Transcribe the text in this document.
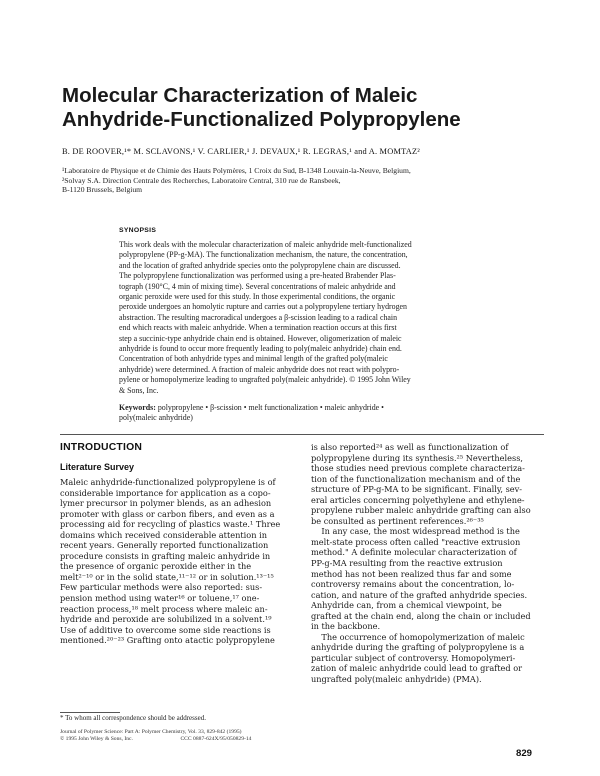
Molecular Characterization of Maleic
Anhydride-Functionalized Polypropylene
B. DE ROOVER,¹* M. SCLAVONS,¹ V. CARLIER,¹ J. DEVAUX,¹ R. LEGRAS,¹ and A. MOMTAZ²
¹Laboratoire de Physique et de Chimie des Hauts Polymères, 1 Croix du Sud, B-1348 Louvain-la-Neuve, Belgium,
²Solvay S.A. Direction Centrale des Recherches, Laboratoire Central, 310 rue de Ransbeek,
B-1120 Brussels, Belgium
SYNOPSIS
This work deals with the molecular characterization of maleic anhydride melt-functionalized
polypropylene (PP-g-MA). The functionalization mechanism, the nature, the concentration,
and the location of grafted anhydride species onto the polypropylene chain are discussed.
The polypropylene functionalization was performed using a pre-heated Brabender Plas-
tograph (190°C, 4 min of mixing time). Several concentrations of maleic anhydride and
organic peroxide were used for this study. In those experimental conditions, the organic
peroxide undergoes an homolytic rupture and carries out a polypropylene tertiary hydrogen
abstraction. The resulting macroradical undergoes a β-scission leading to a radical chain
end which reacts with maleic anhydride. When a termination reaction occurs at this first
step a succinic-type anhydride chain end is obtained. However, oligomerization of maleic
anhydride is found to occur more frequently leading to poly(maleic anhydride) chain end.
Concentration of both anhydride types and minimal length of the grafted poly(maleic
anhydride) were determined. A fraction of maleic anhydride does not react with polypro-
pylene or homopolymerize leading to ungrafted poly(maleic anhydride). © 1995 John Wiley
& Sons, Inc.
Keywords: polypropylene • β-scission • melt functionalization • maleic anhydride •
poly(maleic anhydride)
INTRODUCTION
Literature Survey
Maleic anhydride-functionalized polypropylene is of
considerable importance for application as a copo-
lymer precursor in polymer blends, as an adhesion
promoter with glass or carbon fibers, and even as a
processing aid for recycling of plastics waste.¹ Three
domains which received considerable attention in
recent years. Generally reported functionalization
procedure consists in grafting maleic anhydride in
the presence of organic peroxide either in the
melt²⁻¹⁰ or in the solid state,¹¹⁻¹² or in solution.¹³⁻¹⁵
Few particular methods were also reported: sus-
pension method using water¹⁶ or toluene,¹⁷ one-
reaction process,¹⁸ melt process where maleic an-
hydride and peroxide are solubilized in a solvent.¹⁹
Use of additive to overcome some side reactions is
mentioned.²⁰⁻²³ Grafting onto atactic polypropylene
is also reported²⁴ as well as functionalization of
polypropylene during its synthesis.²⁵ Nevertheless,
those studies need previous complete characteriza-
tion of the functionalization mechanism and of the
structure of PP-g-MA to be significant. Finally, sev-
eral articles concerning polyethylene and ethylene-
propylene rubber maleic anhydride grafting can also
be consulted as pertinent references.²⁶⁻³⁵
In any case, the most widespread method is the
melt-state process often called "reactive extrusion
method." A definite molecular characterization of
PP-g-MA resulting from the reactive extrusion
method has not been realized thus far and some
controversy remains about the concentration, lo-
cation, and nature of the grafted anhydride species.
Anhydride can, from a chemical viewpoint, be
grafted at the chain end, along the chain or included
in the backbone.
The occurrence of homopolymerization of maleic
anhydride during the grafting of polypropylene is a
particular subject of controversy. Homopolymeri-
zation of maleic anhydride could lead to grafted or
ungrafted poly(maleic anhydride) (PMA).
* To whom all correspondence should be addressed.
Journal of Polymer Science: Part A: Polymer Chemistry, Vol. 33, 829-842 (1995)
© 1995 John Wiley & Sons, Inc.                                  CCC 0887-624X/95/050829-14
829
